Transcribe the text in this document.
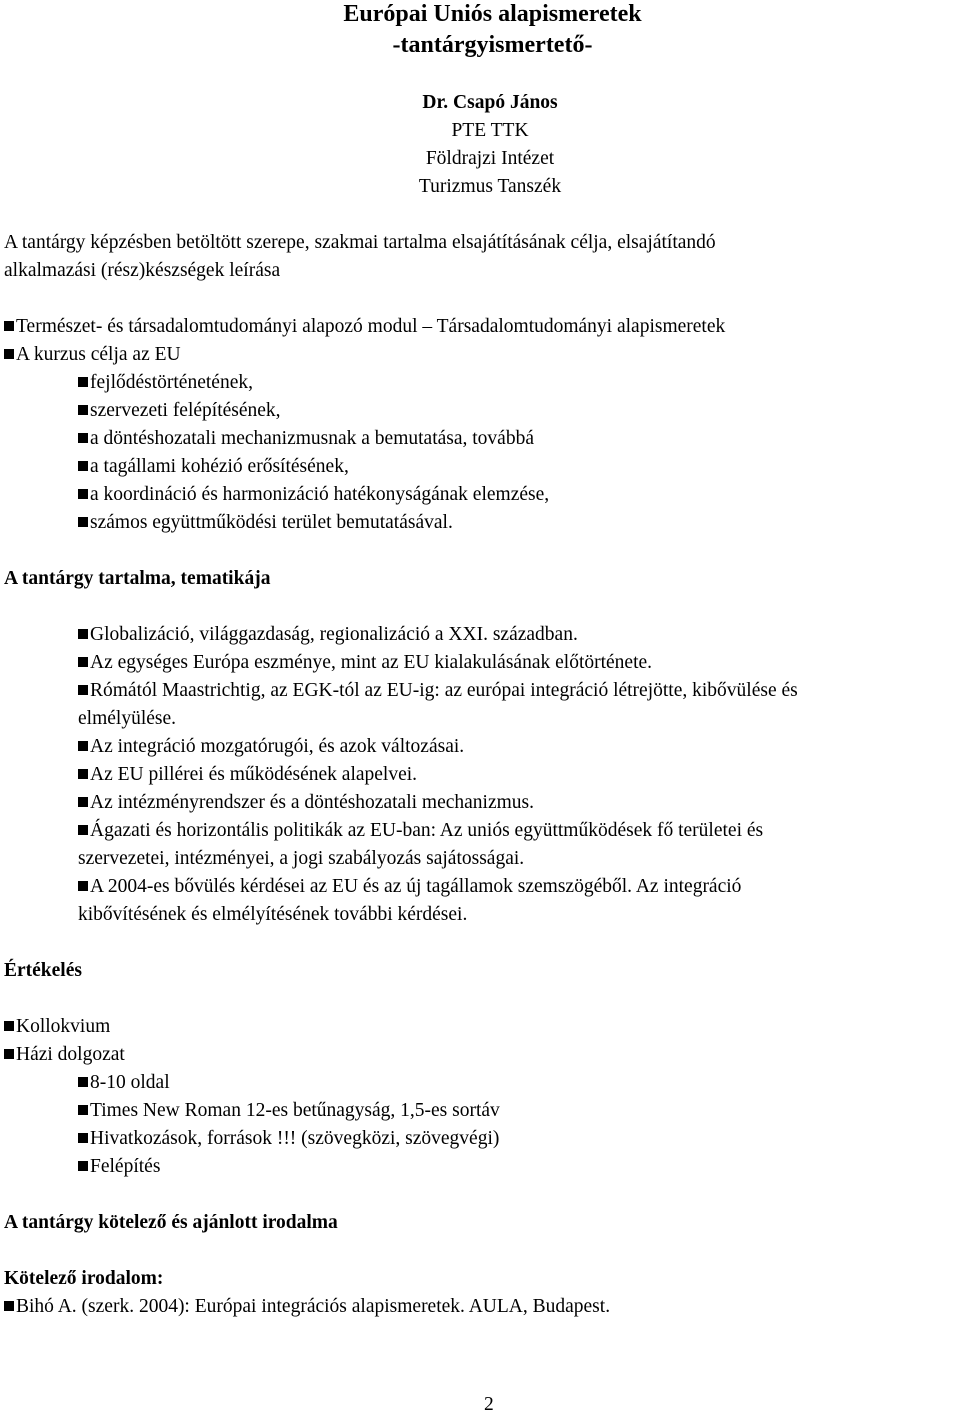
Európai Uniós alapismeretek
-tantárgyismertető-
Dr. Csapó János
PTE TTK
Földrajzi Intézet
Turizmus Tanszék
A tantárgy képzésben betöltött szerepe, szakmai tartalma elsajátításának célja, elsajátítandó
alkalmazási (rész)készségek leírása
Természet- és társadalomtudományi alapozó modul – Társadalomtudományi alapismeretek
A kurzus célja az EU
fejlődéstörténetének,
szervezeti felépítésének,
a döntéshozatali mechanizmusnak a bemutatása, továbbá
a tagállami kohézió erősítésének,
a koordináció és harmonizáció hatékonyságának elemzése,
számos együttműködési terület bemutatásával.
A tantárgy tartalma, tematikája
Globalizáció, világgazdaság, regionalizáció a XXI. században.
Az egységes Európa eszménye, mint az EU kialakulásának előtörténete.
Rómától Maastrichtig, az EGK-tól az EU-ig: az európai integráció létrejötte, kibővülése és
elmélyülése.
Az integráció mozgatórugói, és azok változásai.
Az EU pillérei és működésének alapelvei.
Az intézményrendszer és a döntéshozatali mechanizmus.
Ágazati és horizontális politikák az EU-ban: Az uniós együttműködések fő területei és
szervezetei, intézményei, a jogi szabályozás sajátosságai.
A 2004-es bővülés kérdései az EU és az új tagállamok szemszögéből. Az integráció
kibővítésének és elmélyítésének további kérdései.
Értékelés
Kollokvium
Házi dolgozat
8-10 oldal
Times New Roman 12-es betűnagyság, 1,5-es sortáv
Hivatkozások, források !!! (szövegközi, szövegvégi)
Felépítés
A tantárgy kötelező és ajánlott irodalma
Kötelező irodalom:
Bihó A. (szerk. 2004): Európai integrációs alapismeretek. AULA, Budapest.
2
